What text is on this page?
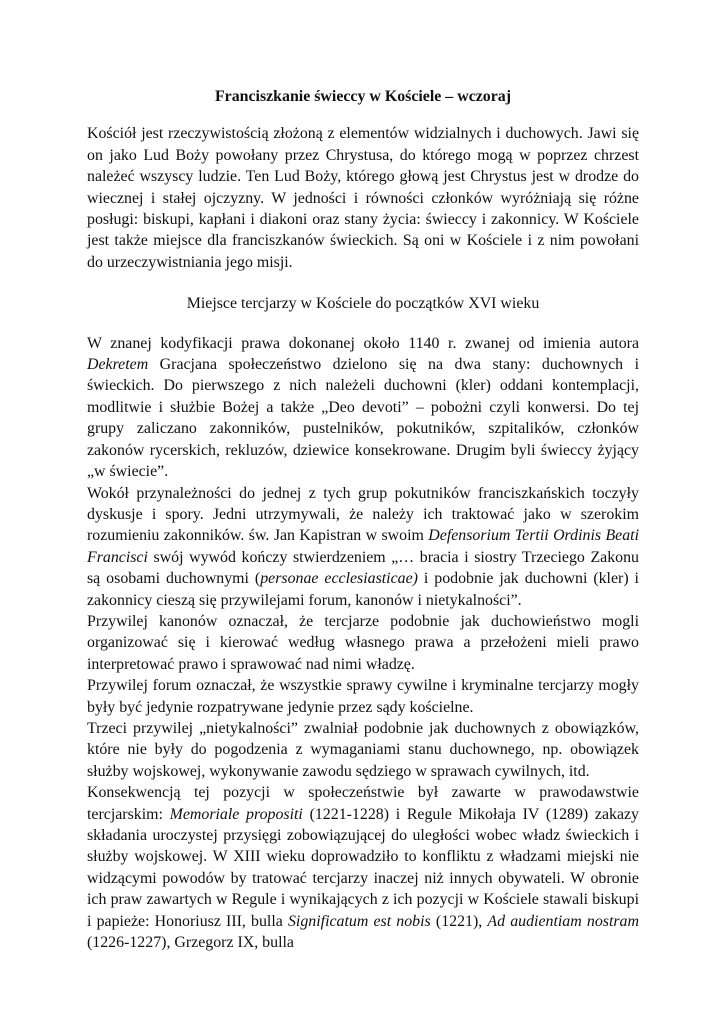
Franciszkanie świeccy w Kościele – wczoraj

Kościół jest rzeczywistością złożoną z elementów widzialnych i duchowych. Jawi się on jako Lud Boży powołany przez Chrystusa, do którego mogą w poprzez chrzest należeć wszyscy ludzie. Ten Lud Boży, którego głową jest Chrystus jest w drodze do wiecznej i stałej ojczyzny. W jedności i równości członków wyróżniają się różne posługi: biskupi, kapłani i diakoni oraz stany życia: świeccy i zakonnicy. W Kościele jest także miejsce dla franciszkanów świeckich. Są oni w Kościele i z nim powołani do urzeczywistniania jego misji.

Miejsce tercjarzy w Kościele do początków XVI wieku

W znanej kodyfikacji prawa dokonanej około 1140 r. zwanej od imienia autora Dekretem Gracjana społeczeństwo dzielono się na dwa stany: duchownych i świeckich. Do pierwszego z nich należeli duchowni (kler) oddani kontemplacji, modlitwie i służbie Bożej a także „Deo devoti” – pobożni czyli konwersi. Do tej grupy zaliczano zakonników, pustelników, pokutników, szpitalików, członków zakonów rycerskich, rekluzów, dziewice konsekrowane. Drugim byli świeccy żyjący „w świecie”.

Wokół przynależności do jednej z tych grup pokutników franciszkańskich toczyły dyskusje i spory. Jedni utrzymywali, że należy ich traktować jako w szerokim rozumieniu zakonników. św. Jan Kapistran w swoim Defensorium Tertii Ordinis Beati Francisci swój wywód kończy stwierdzeniem „… bracia i siostry Trzeciego Zakonu są osobami duchownymi (personae ecclesiasticae) i podobnie jak duchowni (kler) i zakonnicy cieszą się przywilejami forum, kanonów i nietykalności”.

Przywilej kanonów oznaczał, że tercjarze podobnie jak duchowieństwo mogli organizować się i kierować według własnego prawa a przełożeni mieli prawo interpretować prawo i sprawować nad nimi władzę.

Przywilej forum oznaczał, że wszystkie sprawy cywilne i kryminalne tercjarzy mogły były być jedynie rozpatrywane jedynie przez sądy kościelne.

Trzeci przywilej „nietykalności” zwalniał podobnie jak duchownych z obowiązków, które nie były do pogodzenia z wymaganiami stanu duchownego, np. obowiązek służby wojskowej, wykonywanie zawodu sędziego w sprawach cywilnych, itd.

Konsekwencją tej pozycji w społeczeństwie był zawarte w prawodawstwie tercjarskim: Memoriale propositi (1221-1228) i Regule Mikołaja IV (1289) zakazy składania uroczystej przysięgi zobowiązującej do uległości wobec władz świeckich i służby wojskowej. W XIII wieku doprowadziło to konfliktu z władzami miejski nie widzącymi powodów by tratować tercjarzy inaczej niż innych obywateli. W obronie ich praw zawartych w Regule i wynikających z ich pozycji w Kościele stawali biskupi i papieże: Honoriusz III, bulla Significatum est nobis (1221), Ad audientiam nostram (1226-1227), Grzegorz IX, bulla
